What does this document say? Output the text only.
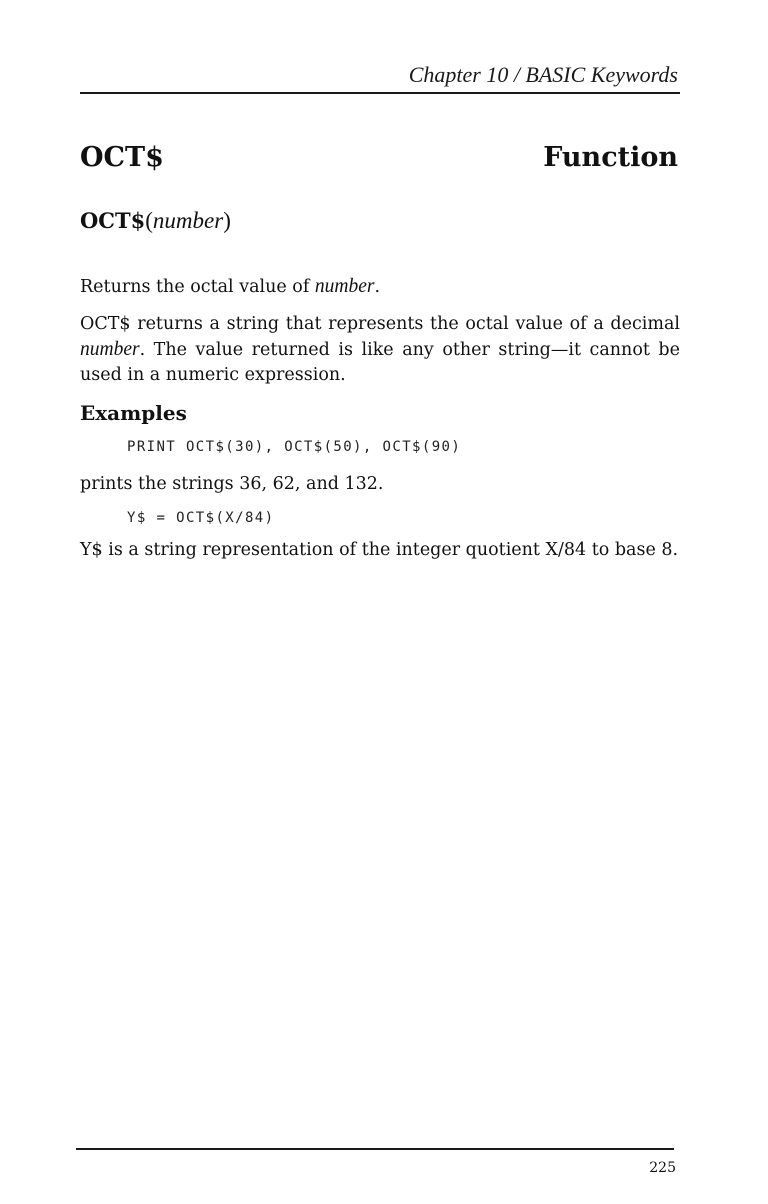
Chapter 10 / BASIC Keywords
OCT$	Function
OCT$(number)
Returns the octal value of number.
OCT$ returns a string that represents the octal value of a decimal number. The value returned is like any other string—it cannot be used in a numeric expression.
Examples
PRINT OCT$(30), OCT$(50), OCT$(90)
prints the strings 36, 62, and 132.
Y$ = OCT$(X/84)
Y$ is a string representation of the integer quotient X/84 to base 8.
225
